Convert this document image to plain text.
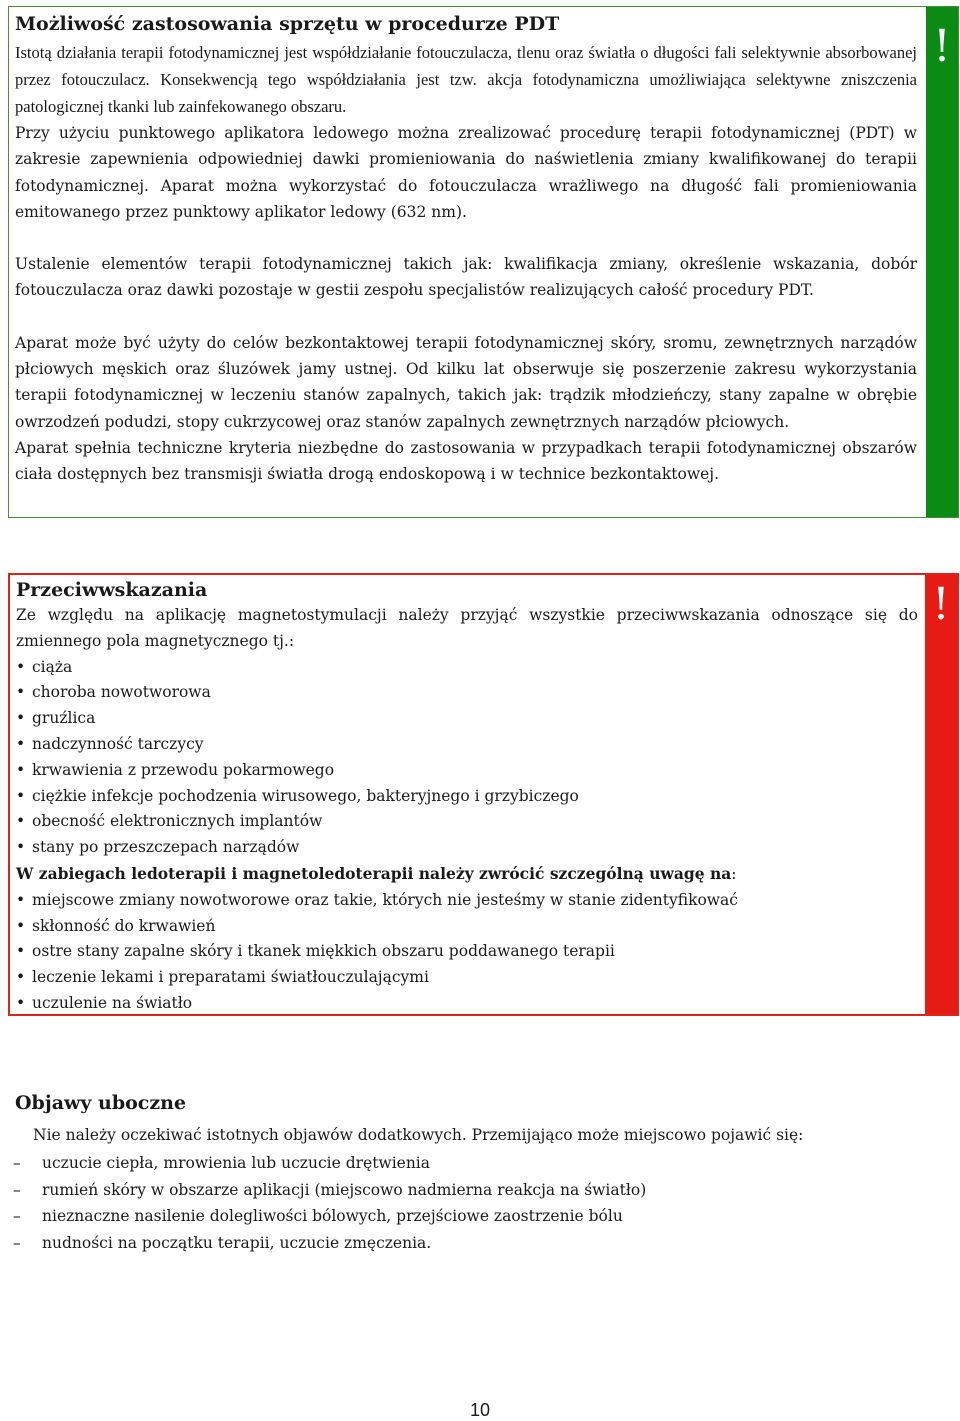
Możliwość zastosowania sprzętu w procedurze PDT

Istotą działania terapii fotodynamicznej jest współdziałanie fotouczulacza, tlenu oraz światła o długości fali selektywnie absorbowanej przez fotouczulacz. Konsekwencją tego współdziałania jest tzw. akcja fotodynamiczna umożliwiająca selektywne zniszczenia patologicznej tkanki lub zainfekowanego obszaru.

Przy użyciu punktowego aplikatora ledowego można zrealizować procedurę terapii fotodynamicznej (PDT) w zakresie zapewnienia odpowiedniej dawki promieniowania do naświetlenia zmiany kwalifikowanej do terapii fotodynamicznej. Aparat można wykorzystać do fotouczulacza wrażliwego na długość fali promieniowania emitowanego przez punktowy aplikator ledowy (632 nm).

Ustalenie elementów terapii fotodynamicznej takich jak: kwalifikacja zmiany, określenie wskazania, dobór fotouczulacza oraz dawki pozostaje w gestii zespołu specjalistów realizujących całość procedury PDT.

Aparat może być użyty do celów bezkontaktowej terapii fotodynamicznej skóry, sromu, zewnętrznych narządów płciowych męskich oraz śluzówek jamy ustnej. Od kilku lat obserwuje się poszerzenie zakresu wykorzystania terapii fotodynamicznej w leczeniu stanów zapalnych, takich jak: trądzik młodzieńczy, stany zapalne w obrębie owrzodzeń podudzi, stopy cukrzycowej oraz stanów zapalnych zewnętrznych narządów płciowych.

Aparat spełnia techniczne kryteria niezbędne do zastosowania w przypadkach terapii fotodynamicznej obszarów ciała dostępnych bez transmisji światła drogą endoskopową i w technice bezkontaktowej.

!
Przeciwwskazania

Ze względu na aplikację magnetostymulacji należy przyjąć wszystkie przeciwwskazania odnoszące się do zmiennego pola magnetycznego tj.:

• ciąża
• choroba nowotworowa
• gruźlica
• nadczynność tarczycy
• krwawienia z przewodu pokarmowego
• ciężkie infekcje pochodzenia wirusowego, bakteryjnego i grzybiczego
• obecność elektronicznych implantów
• stany po przeszczepach narządów
W zabiegach ledoterapii i magnetoledoterapii należy zwrócić szczególną uwagę na:
• miejscowe zmiany nowotworowe oraz takie, których nie jesteśmy w stanie zidentyfikować
• skłonność do krwawień
• ostre stany zapalne skóry i tkanek miękkich obszaru poddawanego terapii
• leczenie lekami i preparatami światłouczulającymi
• uczulenie na światło
!
Objawy uboczne

Nie należy oczekiwać istotnych objawów dodatkowych. Przemijająco może miejscowo pojawić się:

– uczucie ciepła, mrowienia lub uczucie drętwienia
– rumień skóry w obszarze aplikacji (miejscowo nadmierna reakcja na światło)
– nieznaczne nasilenie dolegliwości bólowych, przejściowe zaostrzenie bólu
– nudności na początku terapii, uczucie zmęczenia.
10
